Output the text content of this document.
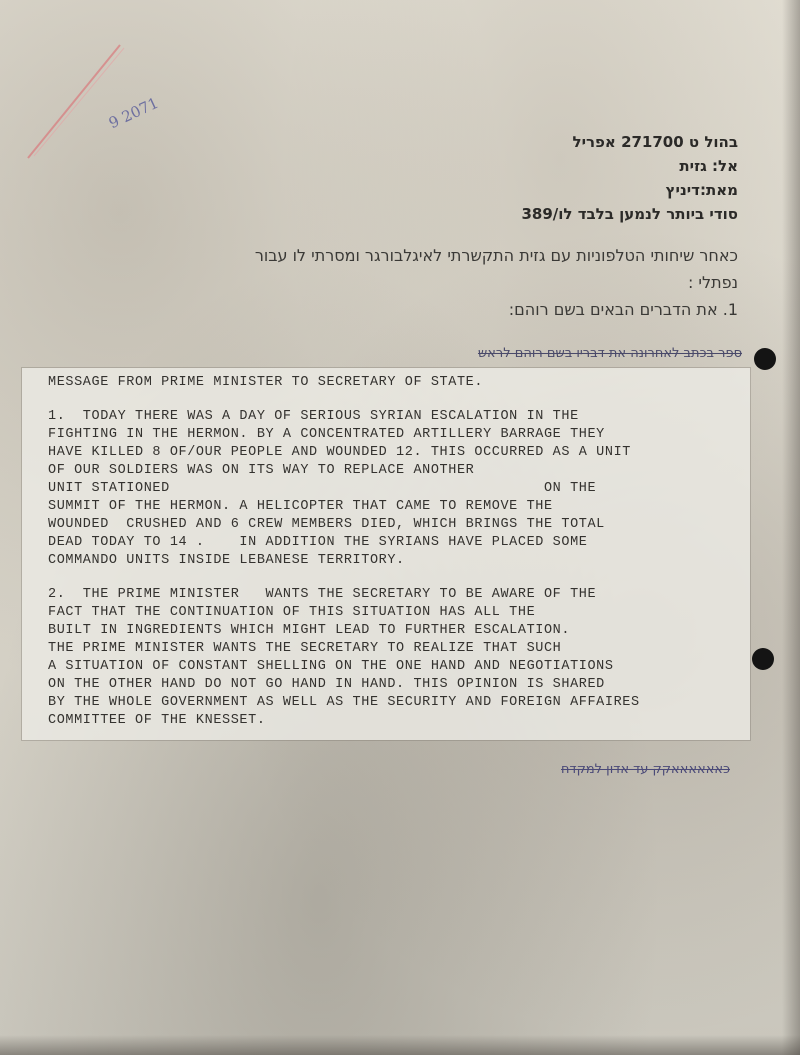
9 2071
בהול ט 271700 אפריל
אל: גזית
מאת:דיניץ
סודי ביותר לנמען בלבד לו/389
כאחר שיחותי הטלפוניות עם גזית התקשרתי לאיגלבורגר ומסרתי לו עבור
נפתלי :
1. את הדברים הבאים בשם רוהם:
ספר בכתב לאחרונה את דבריו בשם רוהם לראש

MESSAGE FROM PRIME MINISTER TO SECRETARY OF STATE.

1.  TODAY THERE WAS A DAY OF SERIOUS SYRIAN ESCALATION IN THE

FIGHTING IN THE HERMON. BY A CONCENTRATED ARTILLERY BARRAGE THEY

HAVE KILLED 8 OF/OUR PEOPLE AND WOUNDED 12. THIS OCCURRED AS A UNIT

OF OUR SOLDIERS WAS ON ITS WAY TO REPLACE ANOTHER

UNIT STATIONED                                           ON THE

SUMMIT OF THE HERMON. A HELICOPTER THAT CAME TO REMOVE THE

WOUNDED  CRUSHED AND 6 CREW MEMBERS DIED, WHICH BRINGS THE TOTAL

DEAD TODAY TO 14 .    IN ADDITION THE SYRIANS HAVE PLACED SOME

COMMANDO UNITS INSIDE LEBANESE TERRITORY.

2.  THE PRIME MINISTER   WANTS THE SECRETARY TO BE AWARE OF THE

FACT THAT THE CONTINUATION OF THIS SITUATION HAS ALL THE

BUILT IN INGREDIENTS WHICH MIGHT LEAD TO FURTHER ESCALATION.

THE PRIME MINISTER WANTS THE SECRETARY TO REALIZE THAT SUCH

A SITUATION OF CONSTANT SHELLING ON THE ONE HAND AND NEGOTIATIONS

ON THE OTHER HAND DO NOT GO HAND IN HAND. THIS OPINION IS SHARED

BY THE WHOLE GOVERNMENT AS WELL AS THE SECURITY AND FOREIGN AFFAIRES

COMMITTEE OF THE KNESSET.

כאאאאאאקק עד אדון למקדח
